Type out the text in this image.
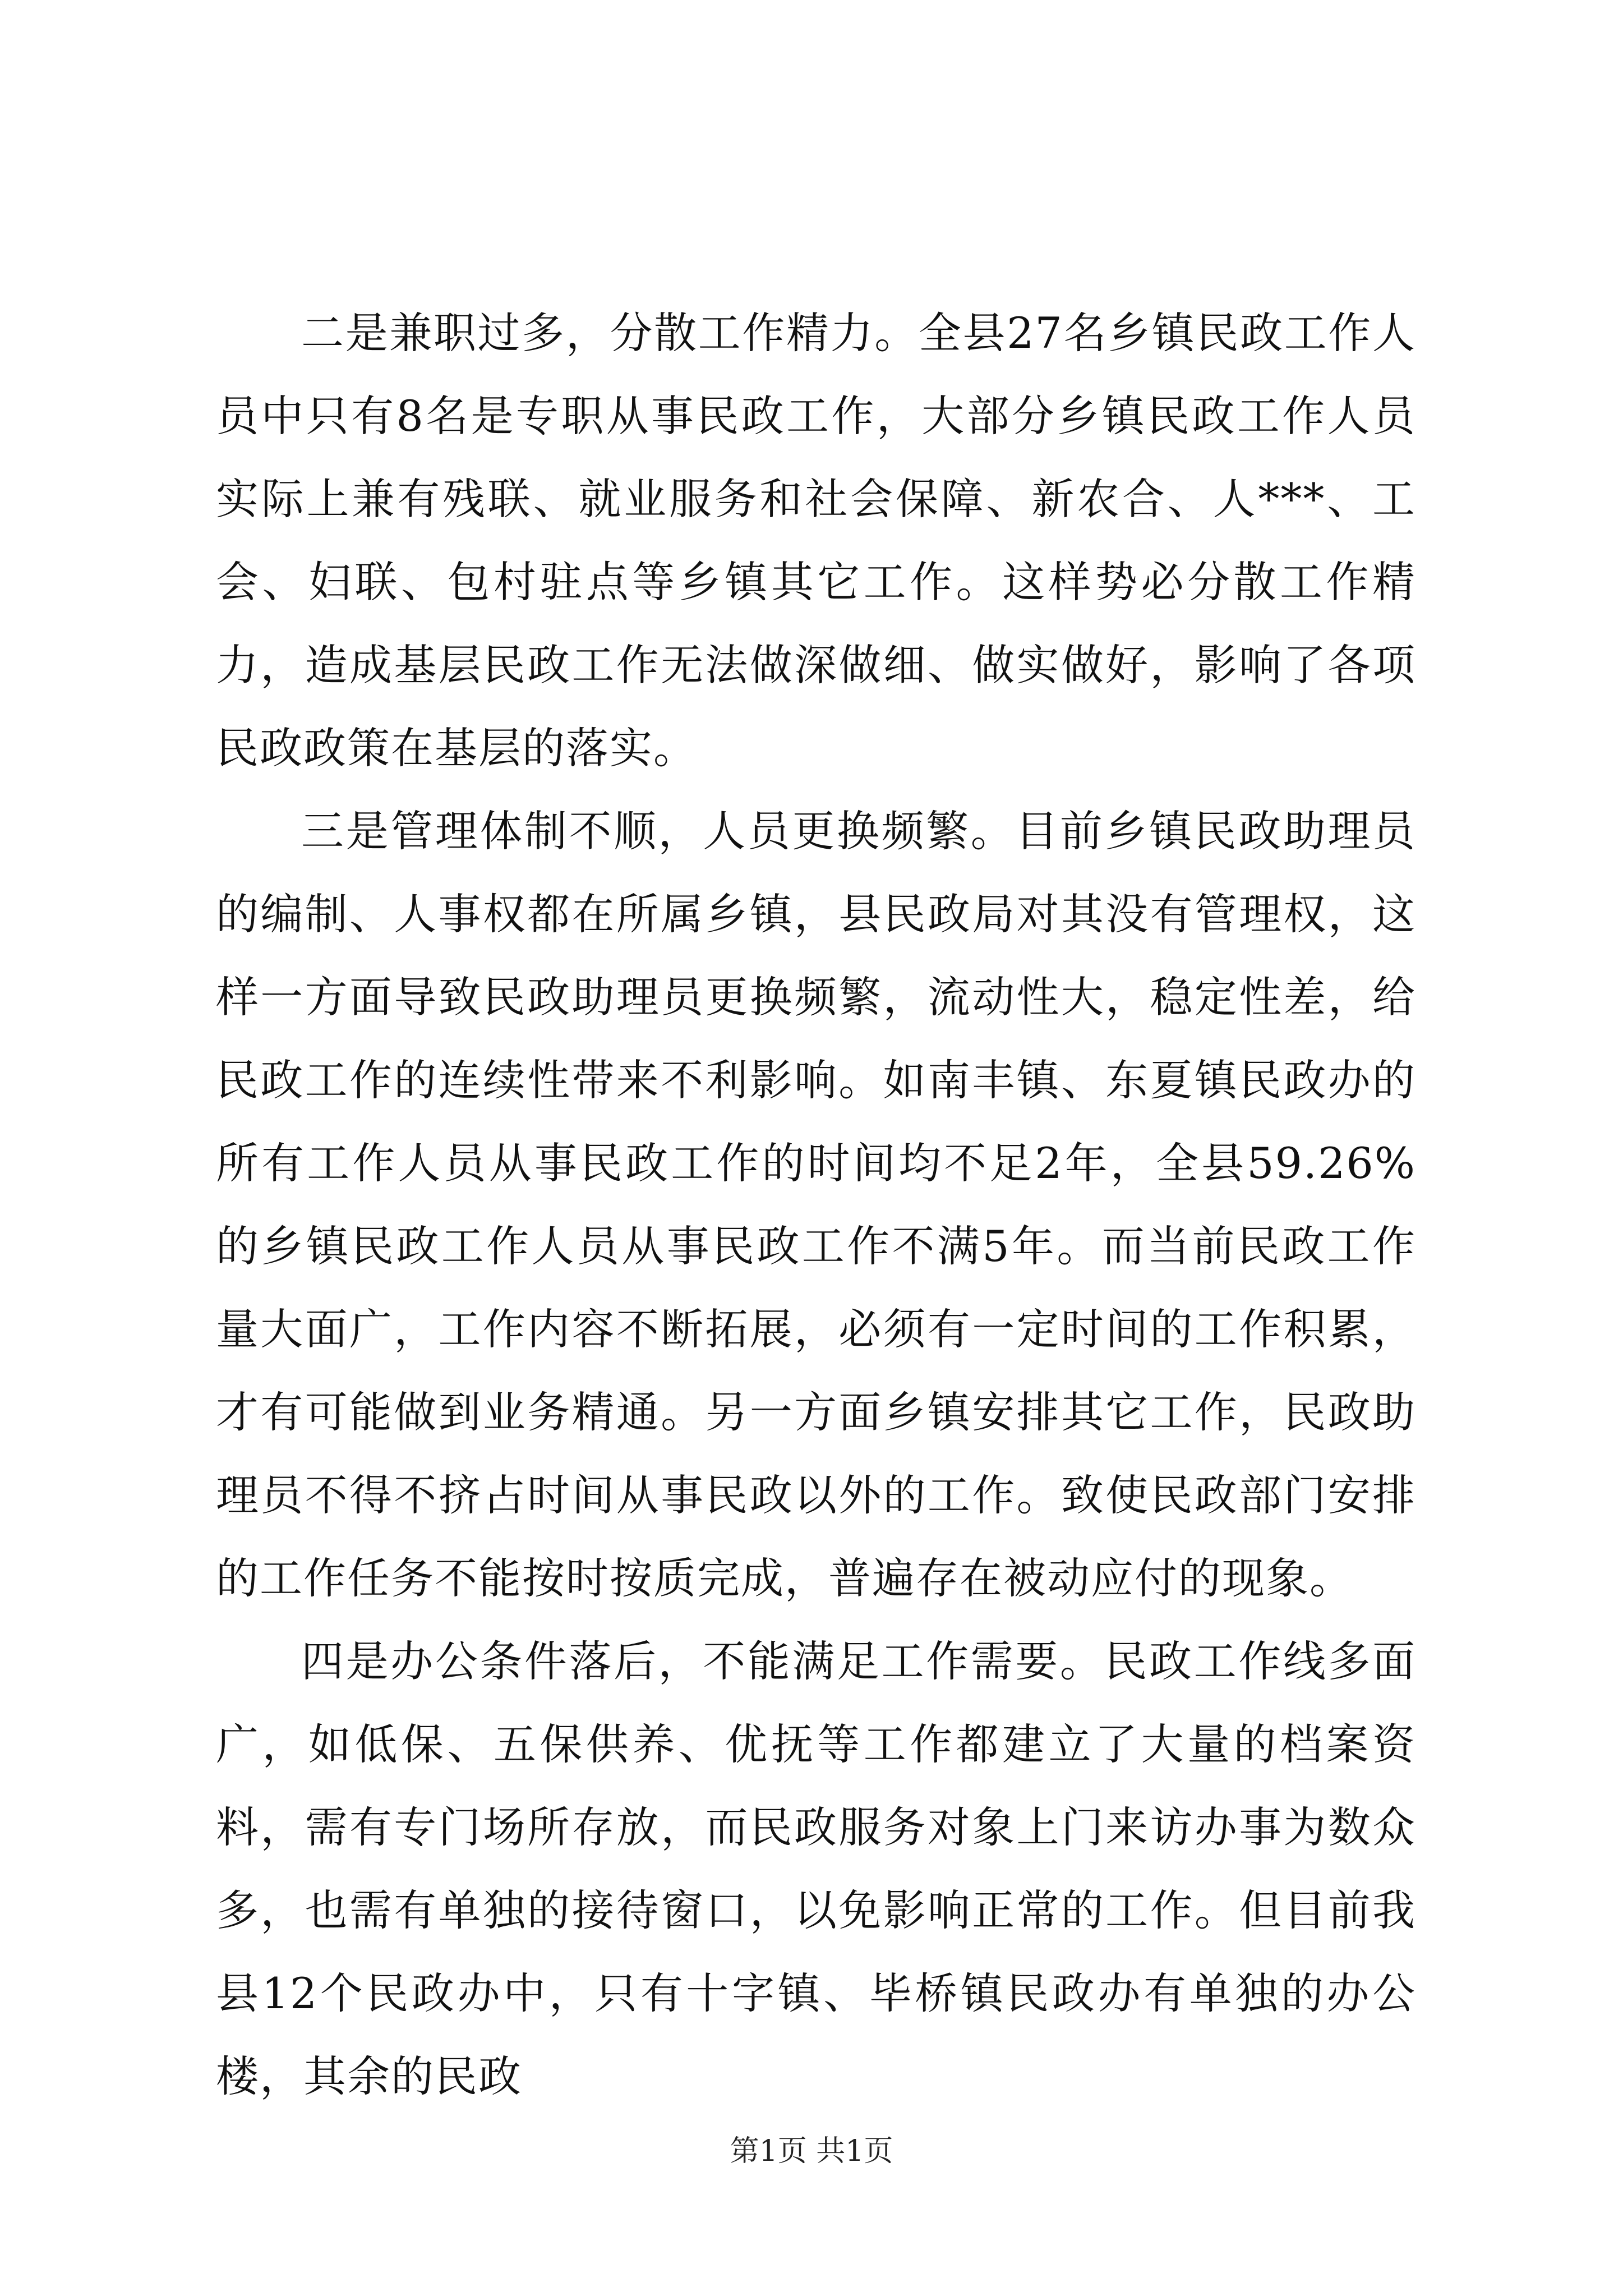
二是兼职过多，分散工作精力。全县27名乡镇民政工作人员中只有8名是专职从事民政工作，大部分乡镇民政工作人员实际上兼有残联、就业服务和社会保障、新农合、人***、工会、妇联、包村驻点等乡镇其它工作。这样势必分散工作精力，造成基层民政工作无法做深做细、做实做好，影响了各项民政政策在基层的落实。

三是管理体制不顺，人员更换频繁。目前乡镇民政助理员的编制、人事权都在所属乡镇，县民政局对其没有管理权，这样一方面导致民政助理员更换频繁，流动性大，稳定性差，给民政工作的连续性带来不利影响。如南丰镇、东夏镇民政办的所有工作人员从事民政工作的时间均不足2年，全县59.26%的乡镇民政工作人员从事民政工作不满5年。而当前民政工作量大面广，工作内容不断拓展，必须有一定时间的工作积累，才有可能做到业务精通。另一方面乡镇安排其它工作，民政助理员不得不挤占时间从事民政以外的工作。致使民政部门安排的工作任务不能按时按质完成，普遍存在被动应付的现象。

四是办公条件落后，不能满足工作需要。民政工作线多面广，如低保、五保供养、优抚等工作都建立了大量的档案资料，需有专门场所存放，而民政服务对象上门来访办事为数众多，也需有单独的接待窗口，以免影响正常的工作。但目前我县12个民政办中，只有十字镇、毕桥镇民政办有单独的办公楼，其余的民政

第1页 共1页
